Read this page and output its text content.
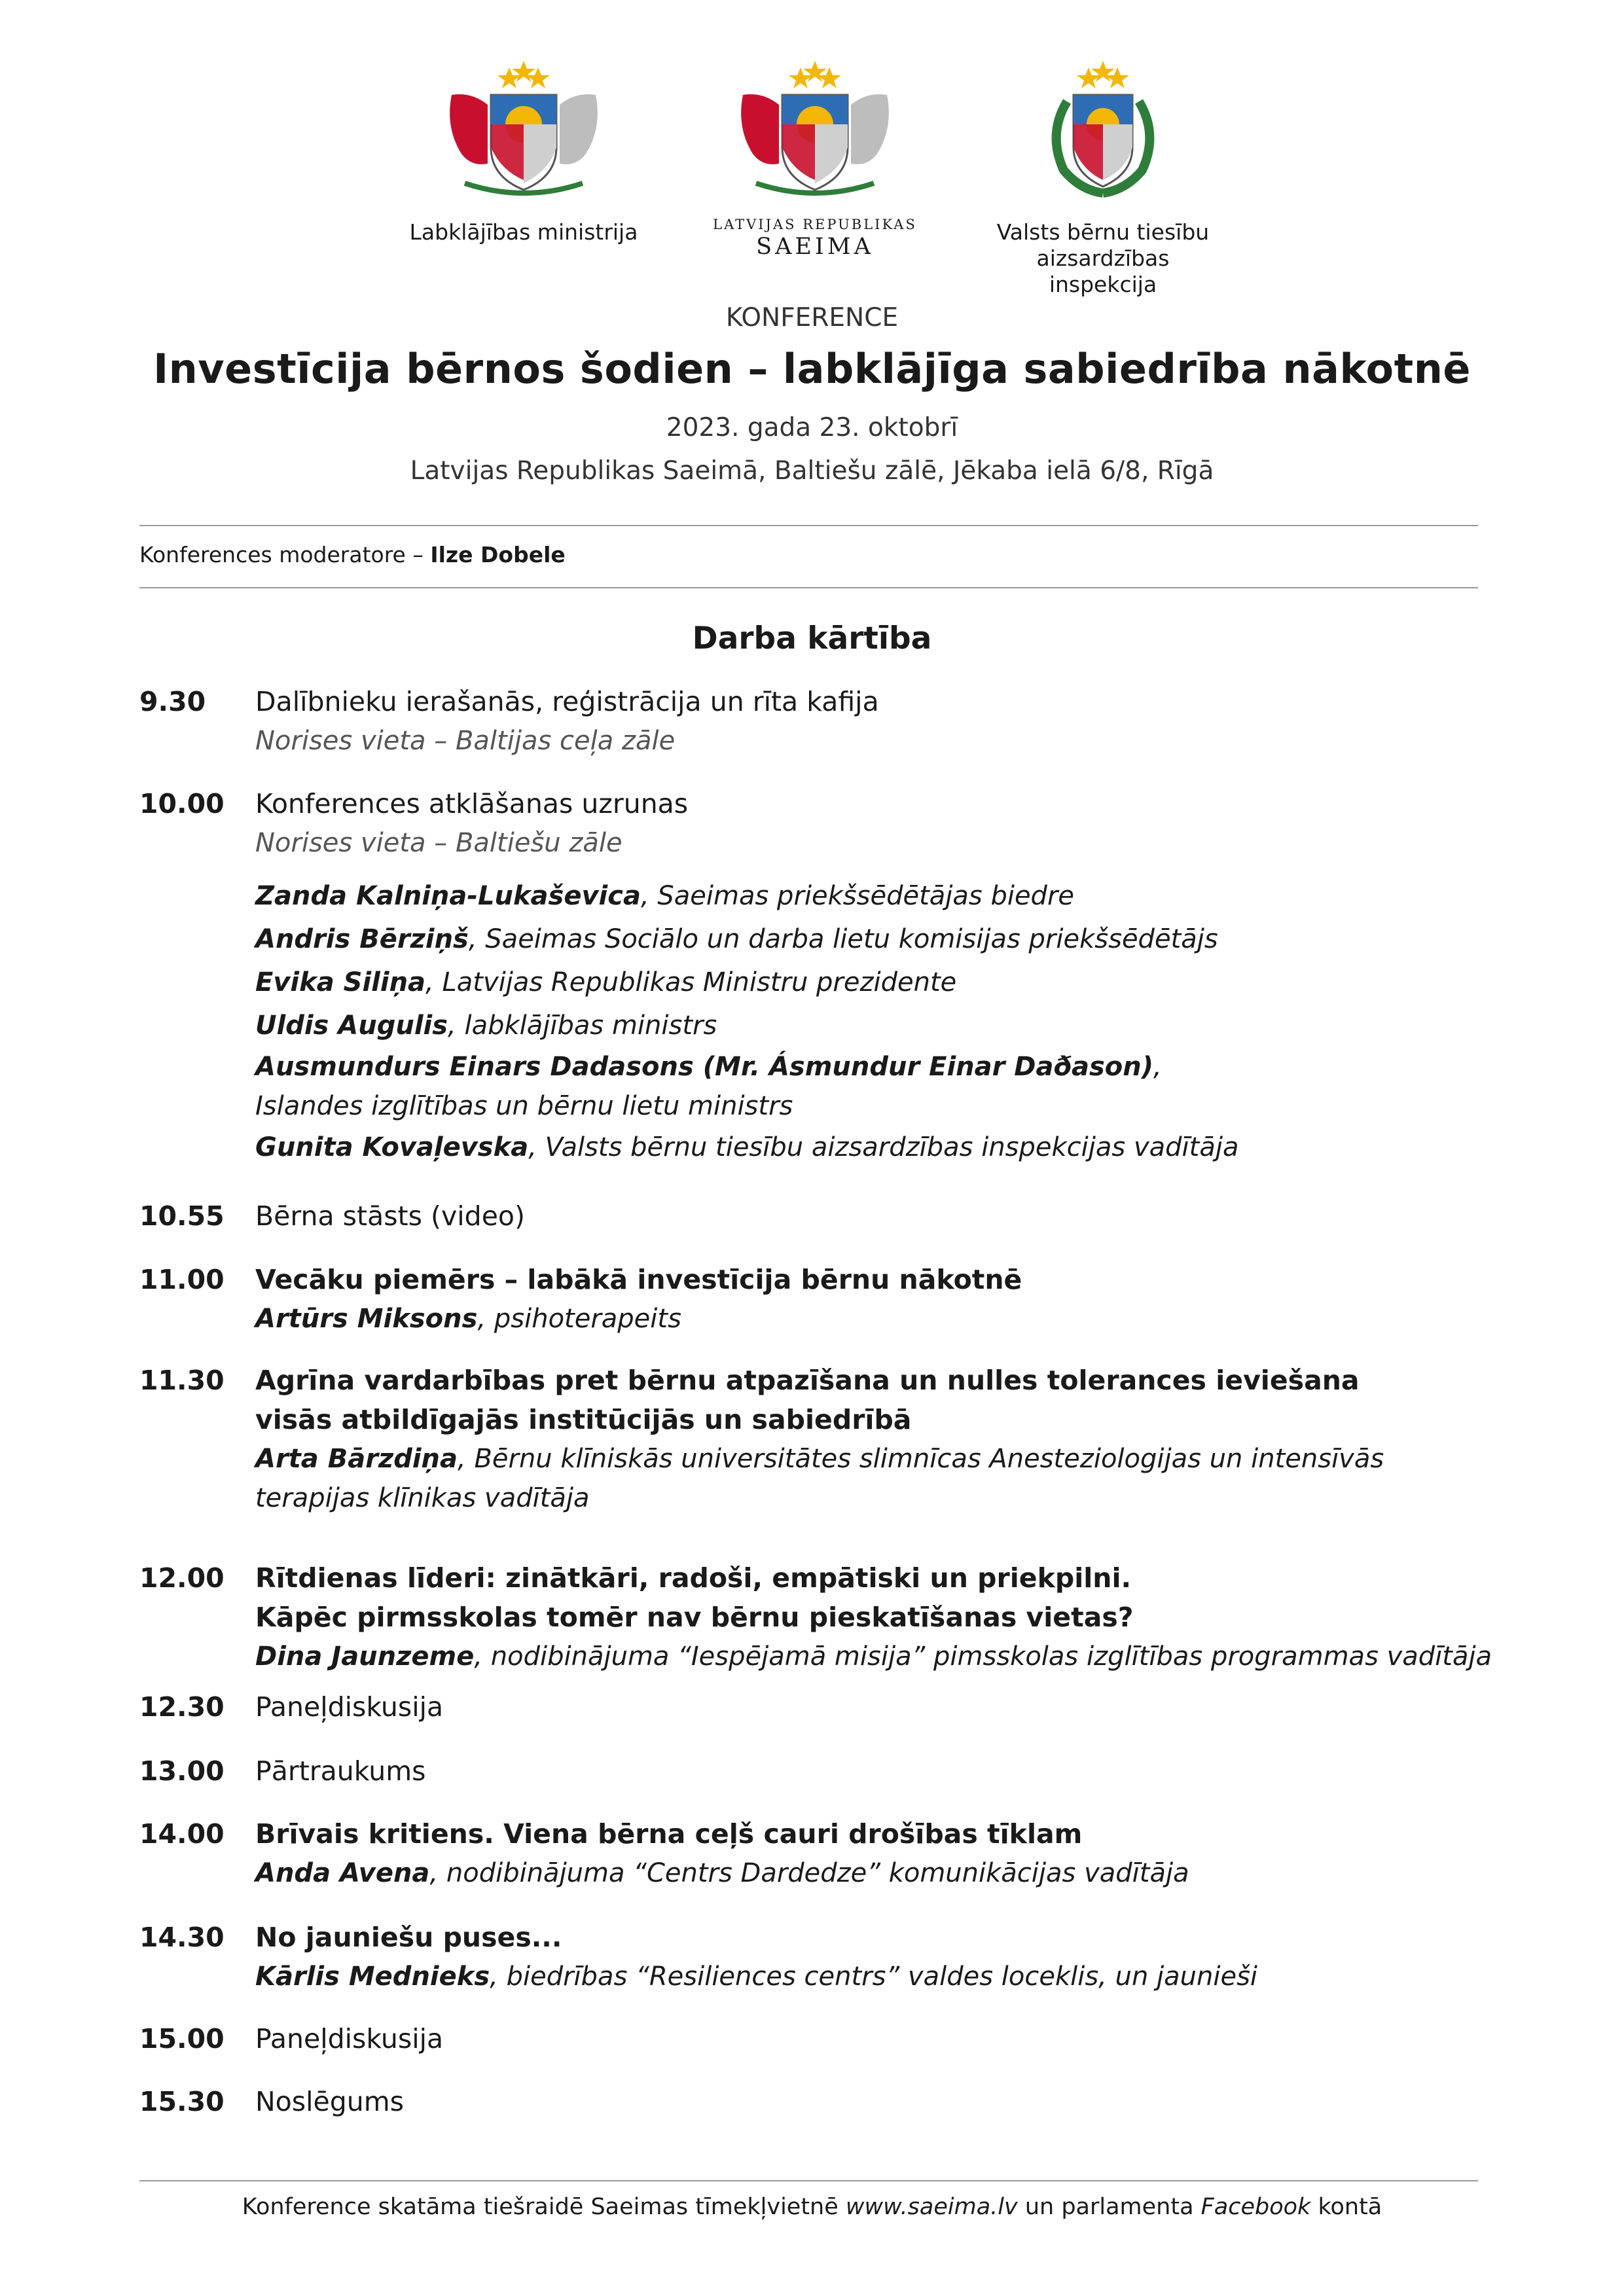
Labklājības ministrija	LATVIJAS REPUBLIKAS
SAEIMA
Valsts bērnu tiesību
aizsardzības inspekcija
KONFERENCE
Investīcija bērnos šodien – labklājīga sabiedrība nākotnē
2023. gada 23. oktobrī
Latvijas Republikas Saeimā, Baltiešu zālē, Jēkaba ielā 6/8, Rīgā
Konferences moderatore – Ilze Dobele
Darba kārtība
9.30 Dalībnieku ierašanās, reģistrācija un rīta kafija
Norises vieta – Baltijas ceļa zāle
10.00 Konferences atklāšanas uzrunas
Norises vieta – Baltiešu zāle
Zanda Kalniņa-Lukaševica, Saeimas priekšsēdētājas biedre
Andris Bērziņš, Saeimas Sociālo un darba lietu komisijas priekšsēdētājs
Evika Siliņa, Latvijas Republikas Ministru prezidente
Uldis Augulis, labklājības ministrs
Ausmundurs Einars Dadasons (Mr. Ásmundur Einar Daðason),
Islandes izglītības un bērnu lietu ministrs
Gunita Kovaļevska, Valsts bērnu tiesību aizsardzības inspekcijas vadītāja
10.55 Bērna stāsts (video)
11.00 Vecāku piemērs – labākā investīcija bērnu nākotnē
Artūrs Miksons, psihoterapeits
11.30 Agrīna vardarbības pret bērnu atpazīšana un nulles tolerances ieviešana
visās atbildīgajās institūcijās un sabiedrībā
Arta Bārzdiņa, Bērnu klīniskās universitātes slimnīcas Anesteziologijas un intensīvās
terapijas klīnikas vadītāja
12.00 Rītdienas līderi: zinātkāri, radoši, empātiski un priekpilni.
Kāpēc pirmsskolas tomēr nav bērnu pieskatīšanas vietas?
Dina Jaunzeme, nodibinājuma “Iespējamā misija” pimsskolas izglītības programmas vadītāja
12.30 Paneļdiskusija
13.00 Pārtraukums
14.00 Brīvais kritiens. Viena bērna ceļš cauri drošības tīklam
Anda Avena, nodibinājuma “Centrs Dardedze” komunikācijas vadītāja
14.30 No jauniešu puses...
Kārlis Mednieks, biedrības “Resiliences centrs” valdes loceklis, un jaunieši
15.00 Paneļdiskusija
15.30 Noslēgums
Konference skatāma tiešraidē Saeimas tīmekļvietnē www.saeima.lv un parlamenta Facebook kontā
